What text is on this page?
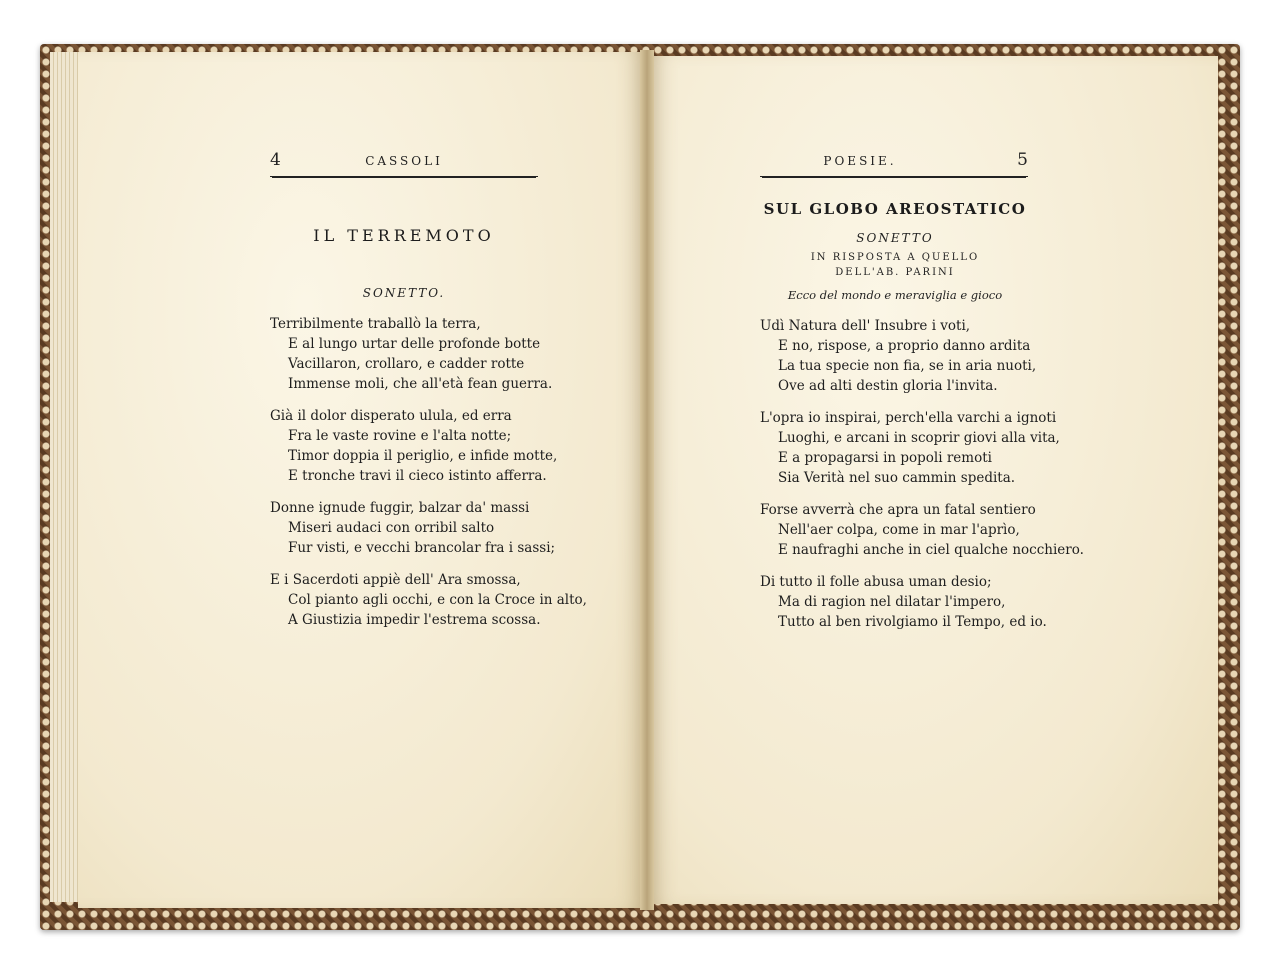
4	CASSOLI
IL TERREMOTO
SONETTO.
Terribilmente traballò la terra,
E al lungo urtar delle profonde botte
Vacillaron, crollaro, e cadder rotte
Immense moli, che all'età fean guerra.
Già il dolor disperato ulula, ed erra
Fra le vaste rovine e l'alta notte;
Timor doppia il periglio, e infide motte,
E tronche travi il cieco istinto afferra.
Donne ignude fuggir, balzar da' massi
Miseri audaci con orribil salto
Fur visti, e vecchi brancolar fra i sassi;
E i Sacerdoti appiè dell' Ara smossa,
Col pianto agli occhi, e con la Croce in alto,
A Giustizia impedir l'estrema scossa.
POESIE.	5
SUL GLOBO AREOSTATICO
SONETTO
IN RISPOSTA A QUELLO
DELL'AB. PARINI
Ecco del mondo e meraviglia e gioco
Udì Natura dell' Insubre i voti,
E no, rispose, a proprio danno ardita
La tua specie non fia, se in aria nuoti,
Ove ad alti destin gloria l'invita.
L'opra io inspirai, perch'ella varchi a ignoti
Luoghi, e arcani in scoprir giovi alla vita,
E a propagarsi in popoli remoti
Sia Verità nel suo cammin spedita.
Forse avverrà che apra un fatal sentiero
Nell'aer colpa, come in mar l'aprìo,
E naufraghi anche in ciel qualche nocchiero.
Di tutto il folle abusa uman desio;
Ma di ragion nel dilatar l'impero,
Tutto al ben rivolgiamo il Tempo, ed io.
